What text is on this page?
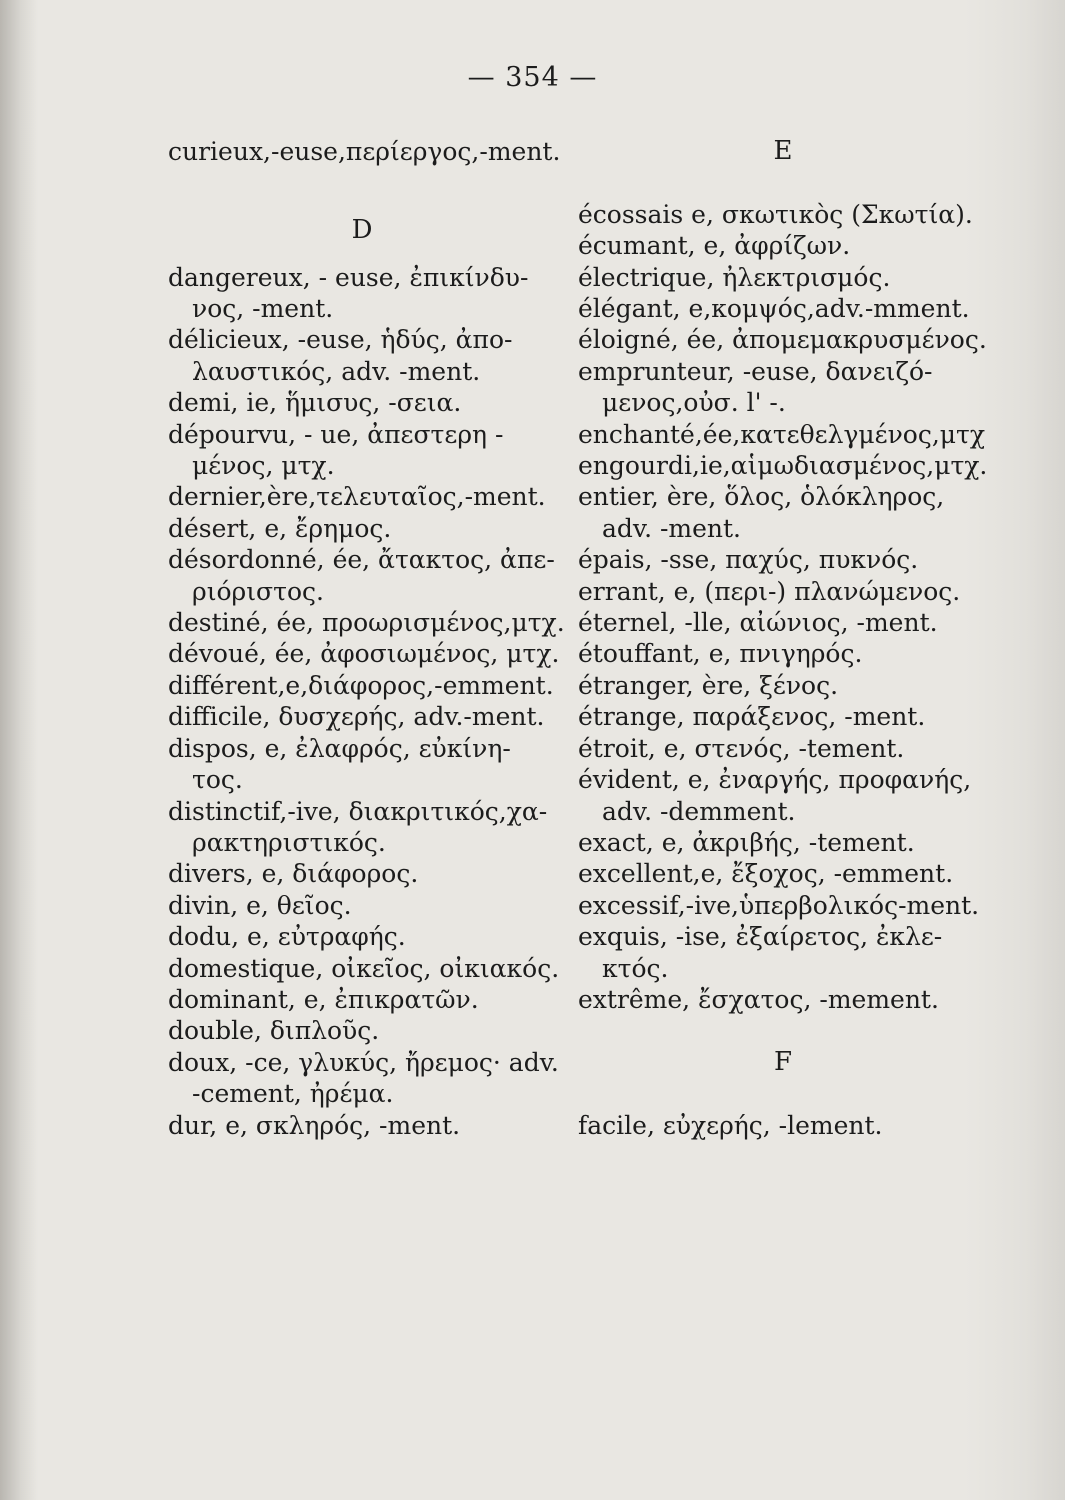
— 354 —
curieux,-euse,περίεργος,-ment.
D
dangereux, - euse, ἐπικίνδυ-
νος, -ment.
délicieux, -euse, ἡδύς, ἀπο-
λαυστικός, adv. -ment.
demi, ie, ἥμισυς, -σεια.
dépourvu, - ue, ἀπεστερη -
μένος, μτχ.
dernier,ère,τελευταῖος,-ment.
désert, e, ἔρημος.
désordonné, ée, ἄτακτος, ἀπε-
ριόριστος.
destiné, ée, προωρισμένος,μτχ.
dévoué, ée, ἀφοσιωμένος, μτχ.
différent,e,διάφορος,-emment.
difficile, δυσχερής, adv.-ment.
dispos, e, ἐλαφρός, εὐκίνη-
τος.
distinctif,-ive, διακριτικός,χα-
ρακτηριστικός.
divers, e, διάφορος.
divin, e, θεῖος.
dodu, e, εὐτραφής.
domestique, οἰκεῖος, οἰκιακός.
dominant, e, ἐπικρατῶν.
double, διπλοῦς.
doux, -ce, γλυκύς, ἤρεμος· adv.
-cement, ἠρέμα.
dur, e, σκληρός, -ment.
E
écossais e, σκωτικὸς (Σκωτία).
écumant, e, ἀφρίζων.
électrique, ἠλεκτρισμός.
élégant, e,κομψός,adv.-mment.
éloigné, ée, ἀπομεμακρυσμένος.
emprunteur, -euse, δανειζό-
μενος,οὐσ. l' -.
enchanté,ée,κατεθελγμένος,μτχ
engourdi,ie,αἱμωδιασμένος,μτχ.
entier, ère, ὅλος, ὁλόκληρος,
adv. -ment.
épais, -sse, παχύς, πυκνός.
errant, e, (περι-) πλανώμενος.
éternel, -lle, αἰώνιος, -ment.
étouffant, e, πνιγηρός.
étranger, ère, ξένος.
étrange, παράξενος, -ment.
étroit, e, στενός, -tement.
évident, e, ἐναργής, προφανής,
adv. -demment.
exact, e, ἀκριβής, -tement.
excellent,e, ἔξοχος, -emment.
excessif,-ive,ὑπερβολικός-ment.
exquis, -ise, ἐξαίρετος, ἐκλε-
κτός.
extrême, ἔσχατος, -mement.
F
facile, εὐχερής, -lement.
